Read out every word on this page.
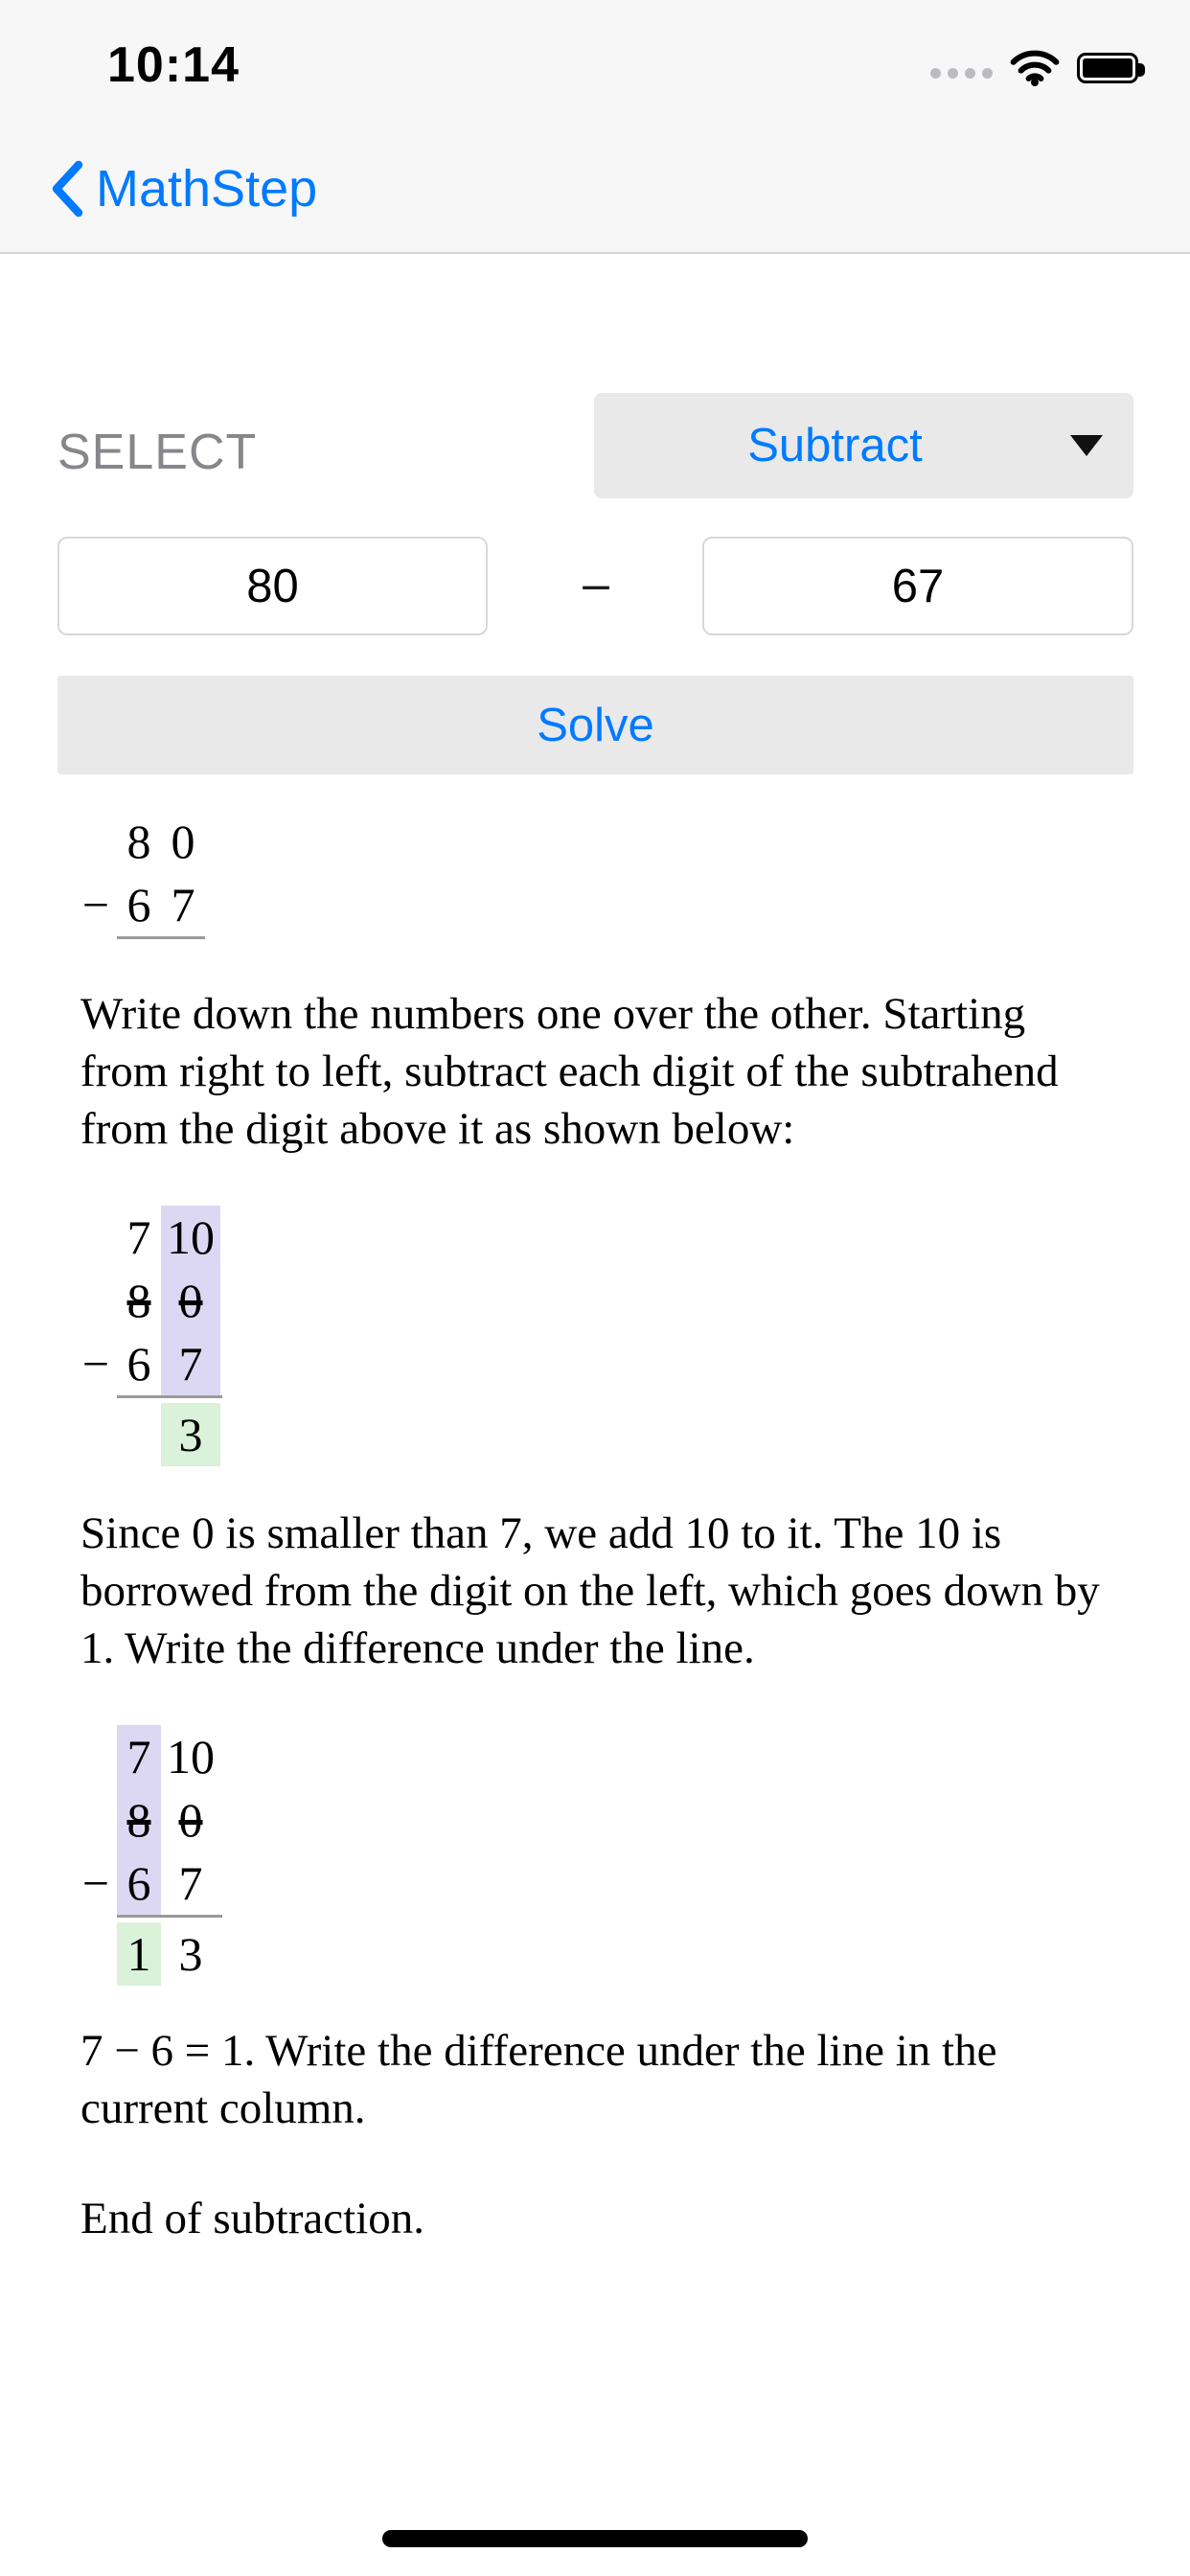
10:14
MathStep
SELECT	Subtract
80
–
67
Solve
8 0
− 6 7
Write down the numbers one over the other. Starting from right to left, subtract each digit of the subtrahend from the digit above it as shown below:
7 10
8 0
− 6 7
3
Since 0 is smaller than 7, we add 10 to it. The 10 is borrowed from the digit on the left, which goes down by 1. Write the difference under the line.
7 10
8 0
− 6 7
1 3
7 − 6 = 1. Write the difference under the line in the current column.
End of subtraction.
